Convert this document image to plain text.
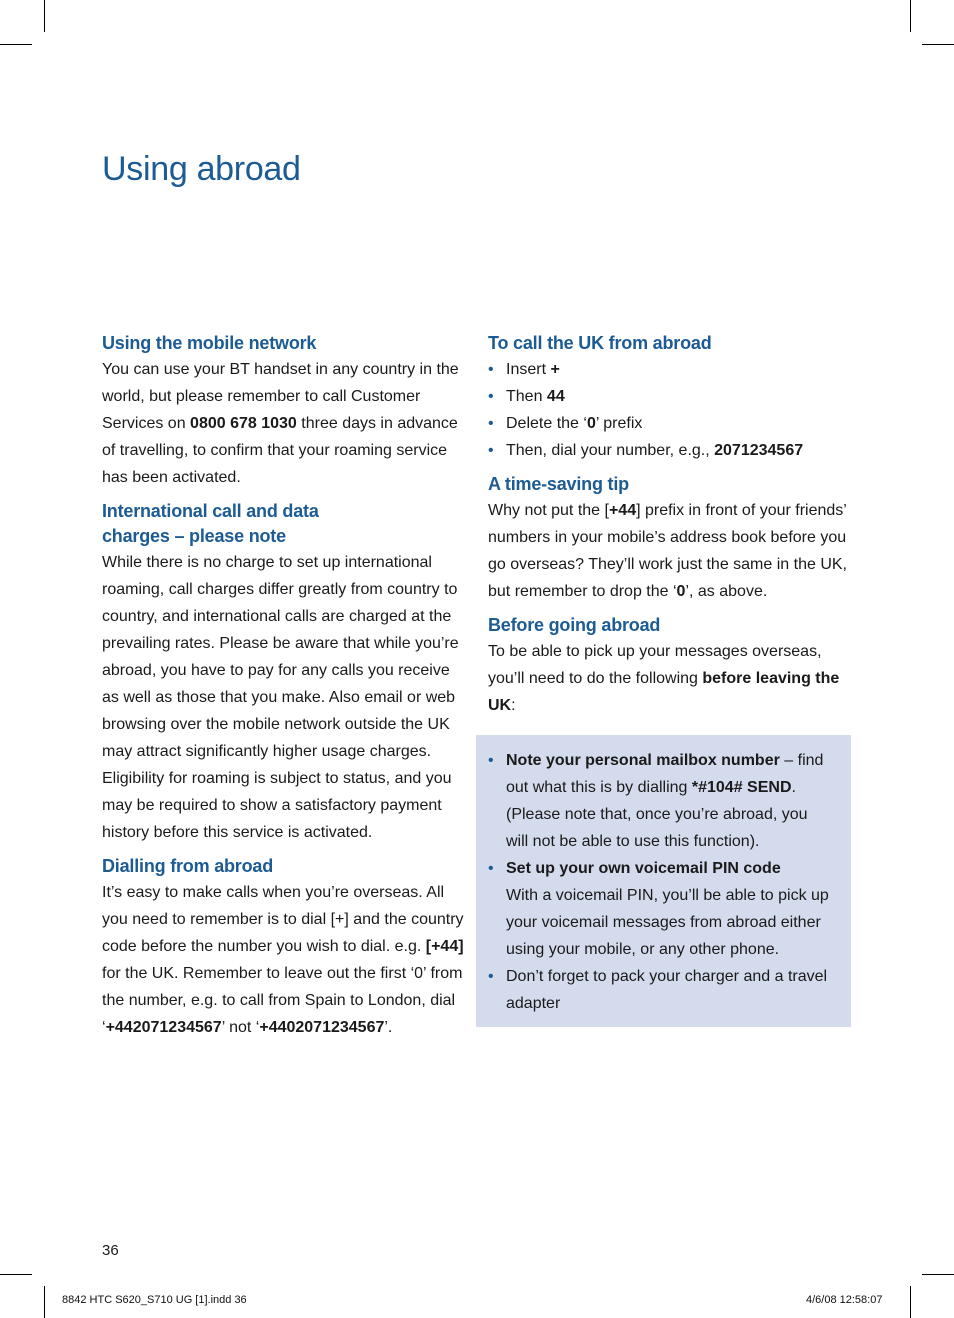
Using abroad
Using the mobile network

You can use your BT handset in any country in the world, but please remember to call Customer Services on 0800 678 1030 three days in advance of travelling, to confirm that your roaming service has been activated.

International call and data
charges – please note

While there is no charge to set up international roaming, call charges differ greatly from country to country, and international calls are charged at the prevailing rates. Please be aware that while you’re abroad, you have to pay for any calls you receive as well as those that you make. Also email or web browsing over the mobile network outside the UK may attract significantly higher usage charges. Eligibility for roaming is subject to status, and you may be required to show a satisfactory payment history before this service is activated.

Dialling from abroad

It’s easy to make calls when you’re overseas. All you need to remember is to dial [+] and the country code before the number you wish to dial. e.g. [+44] for the UK. Remember to leave out the first ‘0’ from the number, e.g. to call from Spain to London, dial ‘+442071234567’ not ‘+4402071234567’.

To call the UK from abroad
• Insert +
• Then 44
• Delete the ‘0’ prefix
• Then, dial your number, e.g., 2071234567
A time-saving tip

Why not put the [+44] prefix in front of your friends’ numbers in your mobile’s address book before you go overseas? They’ll work just the same in the UK, but remember to drop the ‘0’, as above.

Before going abroad

To be able to pick up your messages overseas, you’ll need to do the following before leaving the UK:

• Note your personal mailbox number – find out what this is by dialling *#104# SEND. (Please note that, once you’re abroad, you will not be able to use this function).
• Set up your own voicemail PIN code
With a voicemail PIN, you’ll be able to pick up your voicemail messages from abroad either using your mobile, or any other phone.
• Don’t forget to pack your charger and a travel adapter
36
8842 HTC S620_S710 UG [1].indd 36	4/6/08 12:58:07
